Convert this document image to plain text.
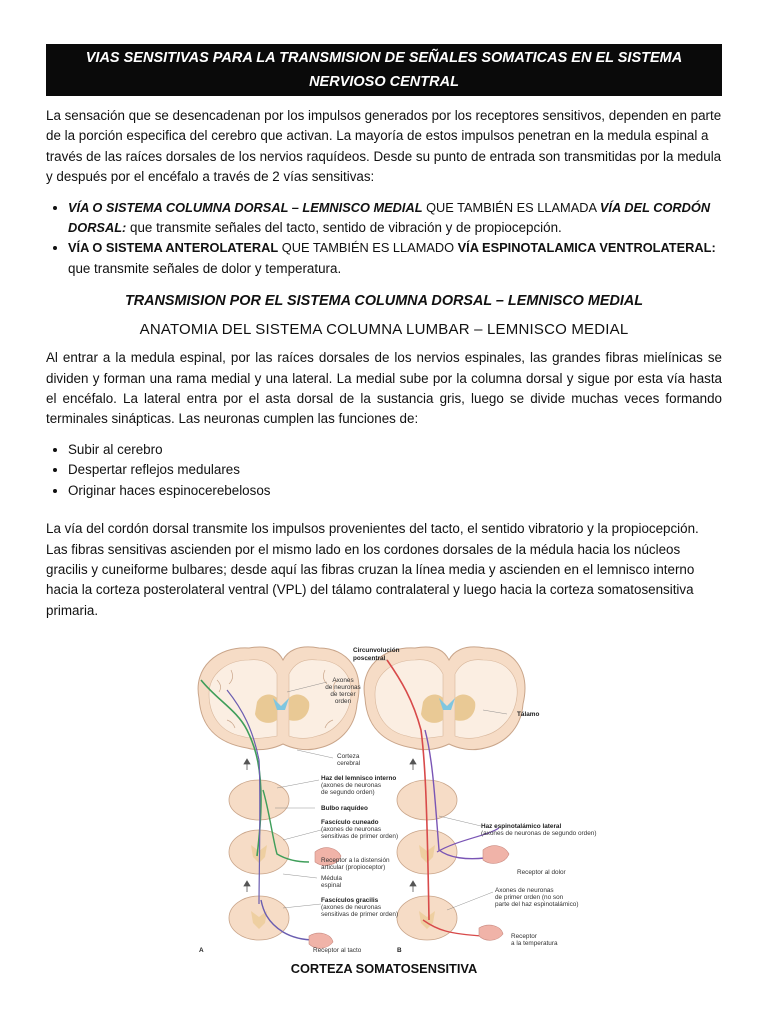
VIAS SENSITIVAS PARA LA TRANSMISION DE SEÑALES SOMATICAS EN EL SISTEMA NERVIOSO CENTRAL

La sensación que se desencadenan por los impulsos generados por los receptores sensitivos, dependen en parte de la porción especifica del cerebro que activan. La mayoría de estos impulsos penetran en la medula espinal a través de las raíces dorsales de los nervios raquídeos. Desde su punto de entrada son transmitidas por la medula y después por el encéfalo a través de 2 vías sensitivas:

• VÍA O SISTEMA COLUMNA DORSAL – LEMNISCO MEDIAL QUE TAMBIÉN ES LLAMADA VÍA DEL CORDÓN DORSAL: que transmite señales del tacto, sentido de vibración y de propiocepción.
• VÍA O SISTEMA ANTEROLATERAL QUE TAMBIÉN ES LLAMADO VÍA ESPINOTALAMICA VENTROLATERAL: que transmite señales de dolor y temperatura.
TRANSMISION POR EL SISTEMA COLUMNA DORSAL – LEMNISCO MEDIAL
ANATOMIA DEL SISTEMA COLUMNA LUMBAR – LEMNISCO MEDIAL

Al entrar a la medula espinal, por las raíces dorsales de los nervios espinales, las grandes fibras mielínicas se dividen y forman una rama medial y una lateral. La medial sube por la columna dorsal y sigue por esta vía hasta el encéfalo. La lateral entra por el asta dorsal de la sustancia gris, luego se divide muchas veces formando terminales sinápticas. Las neuronas cumplen las funciones de:

• Subir al cerebro
• Despertar reflejos medulares
• Originar haces espinocerebelosos

La vía del cordón dorsal transmite los impulsos provenientes del tacto, el sentido vibratorio y la propiocepción. Las fibras sensitivas ascienden por el mismo lado en los cordones dorsales de la médula hacia los núcleos gracilis y cuneiforme bulbares; desde aquí las fibras cruzan la línea media y ascienden en el lemnisco interno hacia la corteza posterolateral ventral (VPL) del tálamo contralateral y luego hacia la corteza somatosensitiva primaria.

Circunvolución
poscentral
Axones
de neuronas
de tercer
orden
Tálamo
Corteza
cerebral
Haz del lemnisco interno
(axones de neuronas
de segundo orden)
Bulbo raquídeo
Fascículo cuneado
(axones de neuronas
sensitivas de primer orden)
Haz espinotalámico lateral
(axones de neuronas de segundo orden)
Receptor a la distensión
articular (propioceptor)
Receptor al dolor
Médula
espinal
Fascículos gracilis
(axones de neuronas
sensitivas de primer orden)
Axones de neuronas
de primer orden (no son
parte del haz espinotalámico)
Receptor al tacto
Receptor
a la temperatura
A	B
CORTEZA SOMATOSENSITIVA
